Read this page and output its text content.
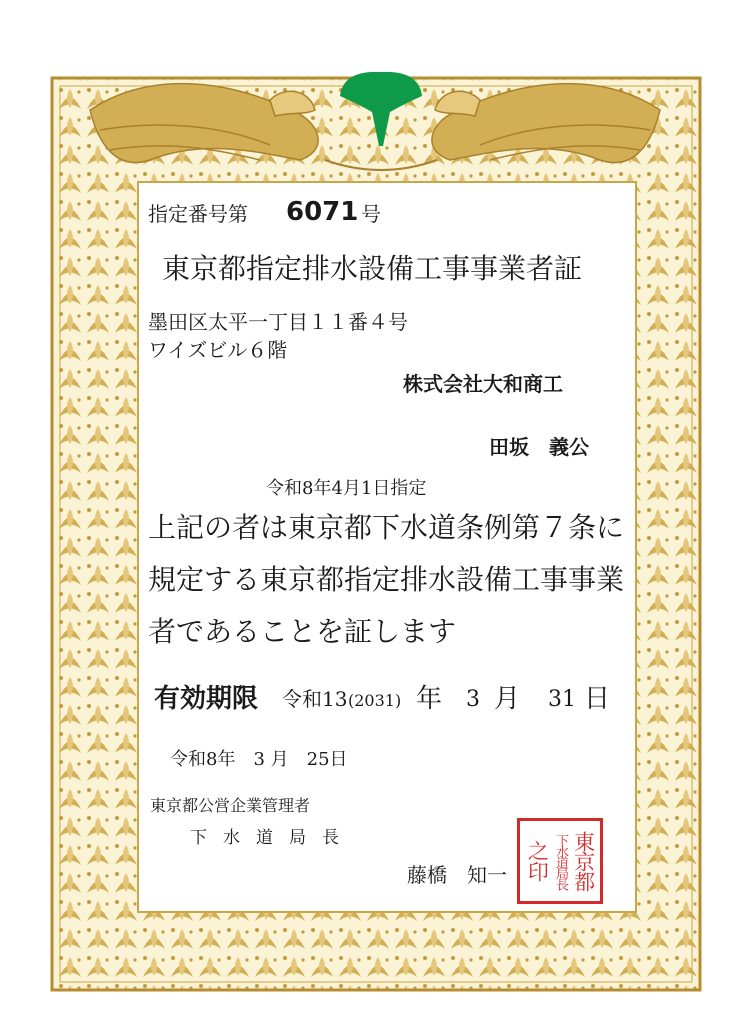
指定番号第 6071 号
東京都指定排水設備工事事業者証
墨田区太平一丁目１１番４号
ワイズビル６階
株式会社大和商工
田坂　義公
令和8年4月1日指定
上記の者は東京都下水道条例第７条に
規定する東京都指定排水設備工事事業
者であることを証します
有効期限 令和13 (2031) 年 3 月 31 日
令和8年　3 月　25日
東京都公営企業管理者
下水道局長
藤橋　知一	東京都
下水道局長
之印
